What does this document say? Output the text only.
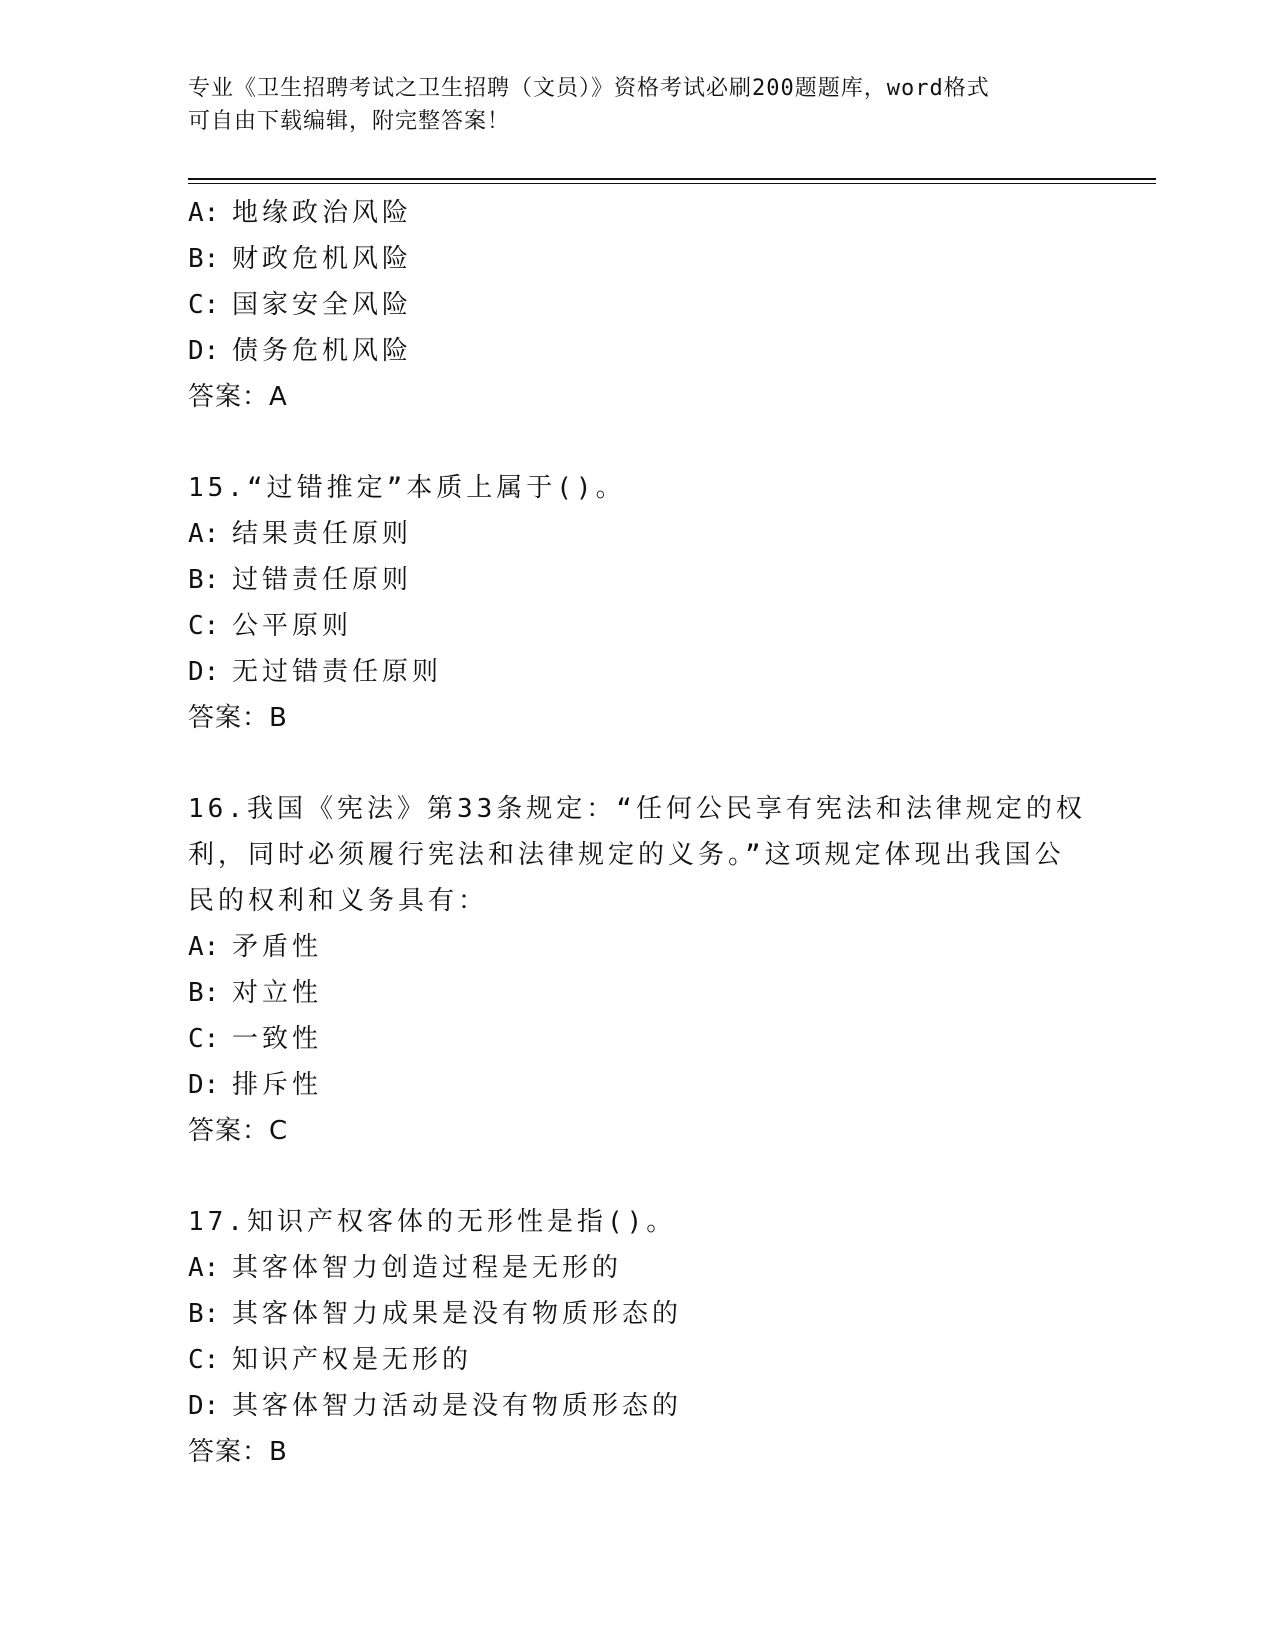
专业《卫生招聘考试之卫生招聘（文员）》资格考试必刷200题题库，word格式
可自由下载编辑，附完整答案！
A: 地缘政治风险
B: 财政危机风险
C: 国家安全风险
D: 债务危机风险
答案：A
15.“过错推定”本质上属于()。
A: 结果责任原则
B: 过错责任原则
C: 公平原则
D: 无过错责任原则
答案：B
16.我国《宪法》第33条规定：“任何公民享有宪法和法律规定的权
利，同时必须履行宪法和法律规定的义务。”这项规定体现出我国公
民的权利和义务具有：
A: 矛盾性
B: 对立性
C: 一致性
D: 排斥性
答案：C
17.知识产权客体的无形性是指()。
A: 其客体智力创造过程是无形的
B: 其客体智力成果是没有物质形态的
C: 知识产权是无形的
D: 其客体智力活动是没有物质形态的
答案：B
